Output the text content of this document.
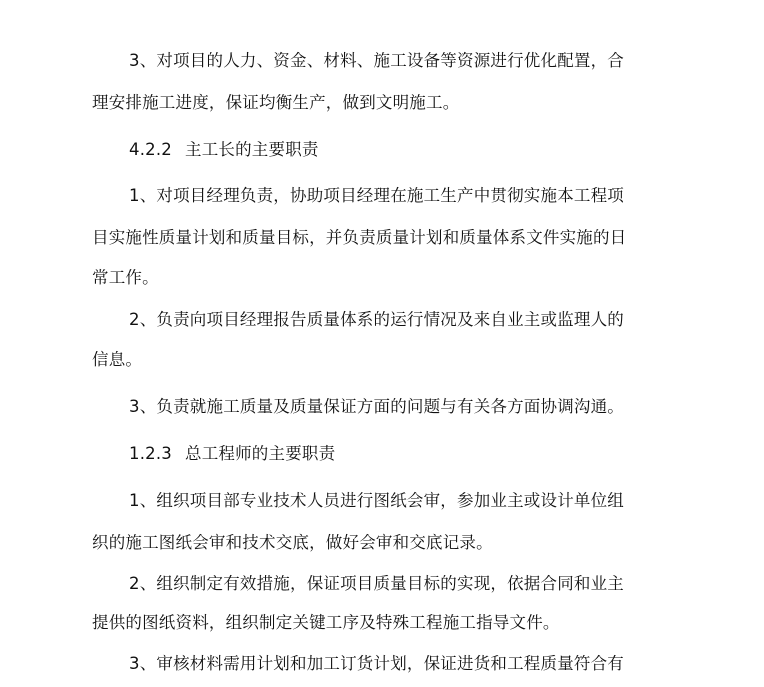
3、对项目的人力、资金、材料、施工设备等资源进行优化配置，合
理安排施工进度，保证均衡生产，做到文明施工。
4.2.2 主工长的主要职责
1、对项目经理负责，协助项目经理在施工生产中贯彻实施本工程项
目实施性质量计划和质量目标，并负责质量计划和质量体系文件实施的日
常工作。
2、负责向项目经理报告质量体系的运行情况及来自业主或监理人的
信息。
3、负责就施工质量及质量保证方面的问题与有关各方面协调沟通。
1.2.3 总工程师的主要职责
1、组织项目部专业技术人员进行图纸会审，参加业主或设计单位组
织的施工图纸会审和技术交底，做好会审和交底记录。
2、组织制定有效措施，保证项目质量目标的实现，依据合同和业主
提供的图纸资料，组织制定关键工序及特殊工程施工指导文件。
3、审核材料需用计划和加工订货计划，保证进货和工程质量符合有
